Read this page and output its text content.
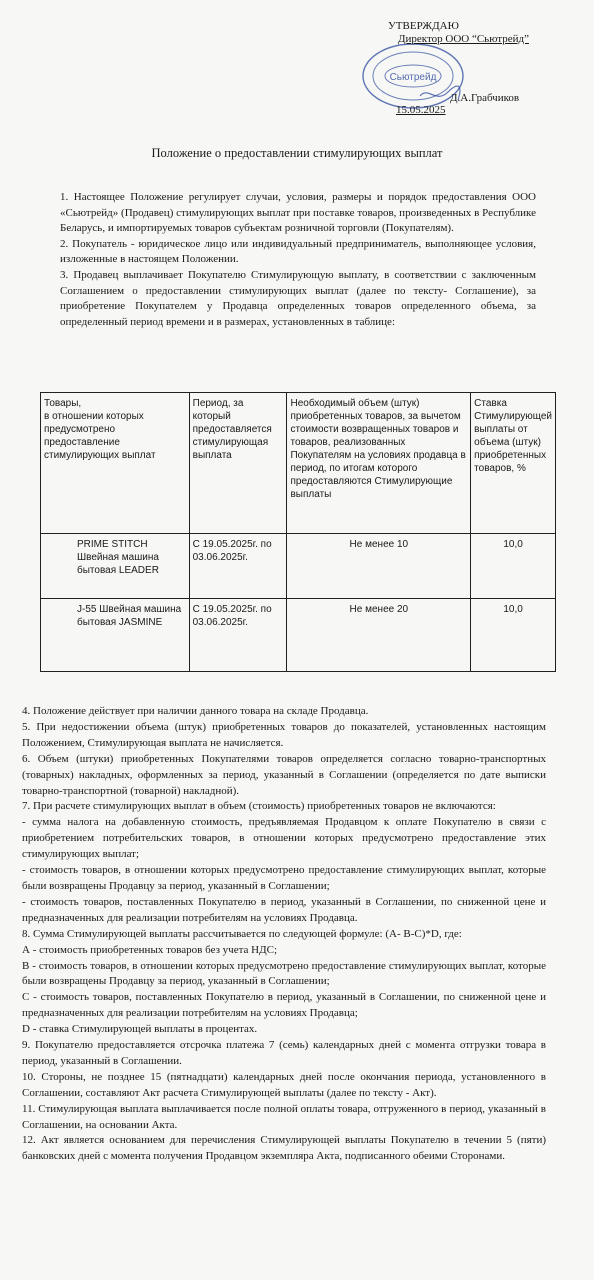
Сьютрейд
УТВЕРЖДАЮ
Директор ООО “Сьютрейд”
Д.А.Грабчиков
15.05.2025
Положение о предоставлении стимулирующих выплат
1. Настоящее Положение регулирует случаи, условия, размеры и порядок предоставления ООО «Сьютрейд» (Продавец) стимулирующих выплат при поставке товаров, произведенных в Республике Беларусь, и импортируемых товаров субъектам розничной торговли (Покупателям).
2. Покупатель - юридическое лицо или индивидуальный предприниматель, выполняющее условия, изложенные в настоящем Положении.
3. Продавец выплачивает Покупателю Стимулирующую выплату, в соответствии с заключенным Соглашением о предоставлении стимулирующих выплат (далее по тексту- Соглашение), за приобретение Покупателем у Продавца определенных товаров определенного объема, за определенный период времени и в размерах, установленных в таблице:
Товары,
в отношении которых предусмотрено предоставление стимулирующих выплат	Период, за который предоставляется стимулирующая выплата	Необходимый объем (штук) приобретенных товаров, за вычетом стоимости возвращенных товаров и товаров, реализованных Покупателям на условиях продавца в период, по итогам которого предоставляются Стимулирующие выплаты	Ставка Стимулирующей выплаты от объема (штук) приобретенных товаров, %

PRIME STITCH Швейная машина бытовая LEADER	С 19.05.2025г. по 03.06.2025г.	Не менее 10	10,0
J-55 Швейная машина бытовая JASMINE	С 19.05.2025г. по 03.06.2025г.	Не менее 20	10,0
4. Положение действует при наличии данного товара на складе Продавца.
5. При недостижении объема (штук) приобретенных товаров до показателей, установленных настоящим Положением, Стимулирующая выплата не начисляется.
6. Объем (штуки) приобретенных Покупателями товаров определяется согласно товарно-транспортных (товарных) накладных, оформленных за период, указанный в Соглашении (определяется по дате выписки товарно-транспортной (товарной) накладной).
7. При расчете стимулирующих выплат в объем (стоимость) приобретенных товаров не включаются:
- сумма налога на добавленную стоимость, предъявляемая Продавцом к оплате Покупателю в связи с приобретением потребительских товаров, в отношении которых предусмотрено предоставление этих стимулирующих выплат;
- стоимость товаров, в отношении которых предусмотрено предоставление стимулирующих выплат, которые были возвращены Продавцу за период, указанный в Соглашении;
- стоимость товаров, поставленных Покупателю в период, указанный в Соглашении, по сниженной цене и предназначенных для реализации потребителям на условиях Продавца.
8. Сумма Стимулирующей выплаты рассчитывается по следующей формуле: (А- В-С)*D, где:
А - стоимость приобретенных товаров без учета НДС;
В - стоимость товаров, в отношении которых предусмотрено предоставление стимулирующих выплат, которые были возвращены Продавцу за период, указанный в Соглашении;
С - стоимость товаров, поставленных Покупателю в период, указанный в Соглашении, по сниженной цене и предназначенных для реализации потребителям на условиях Продавца;
D - ставка Стимулирующей выплаты в процентах.
9. Покупателю предоставляется отсрочка платежа 7 (семь) календарных дней с момента отгрузки товара в период, указанный в Соглашении.
10. Стороны, не позднее 15 (пятнадцати) календарных дней после окончания периода, установленного в Соглашении, составляют Акт расчета Стимулирующей выплаты (далее по тексту - Акт).
11. Стимулирующая выплата выплачивается после полной оплаты товара, отгруженного в период, указанный в Соглашении, на основании Акта.
12. Акт является основанием для перечисления Стимулирующей выплаты Покупателю в течении 5 (пяти) банковских дней с момента получения Продавцом экземпляра Акта, подписанного обеими Сторонами.
